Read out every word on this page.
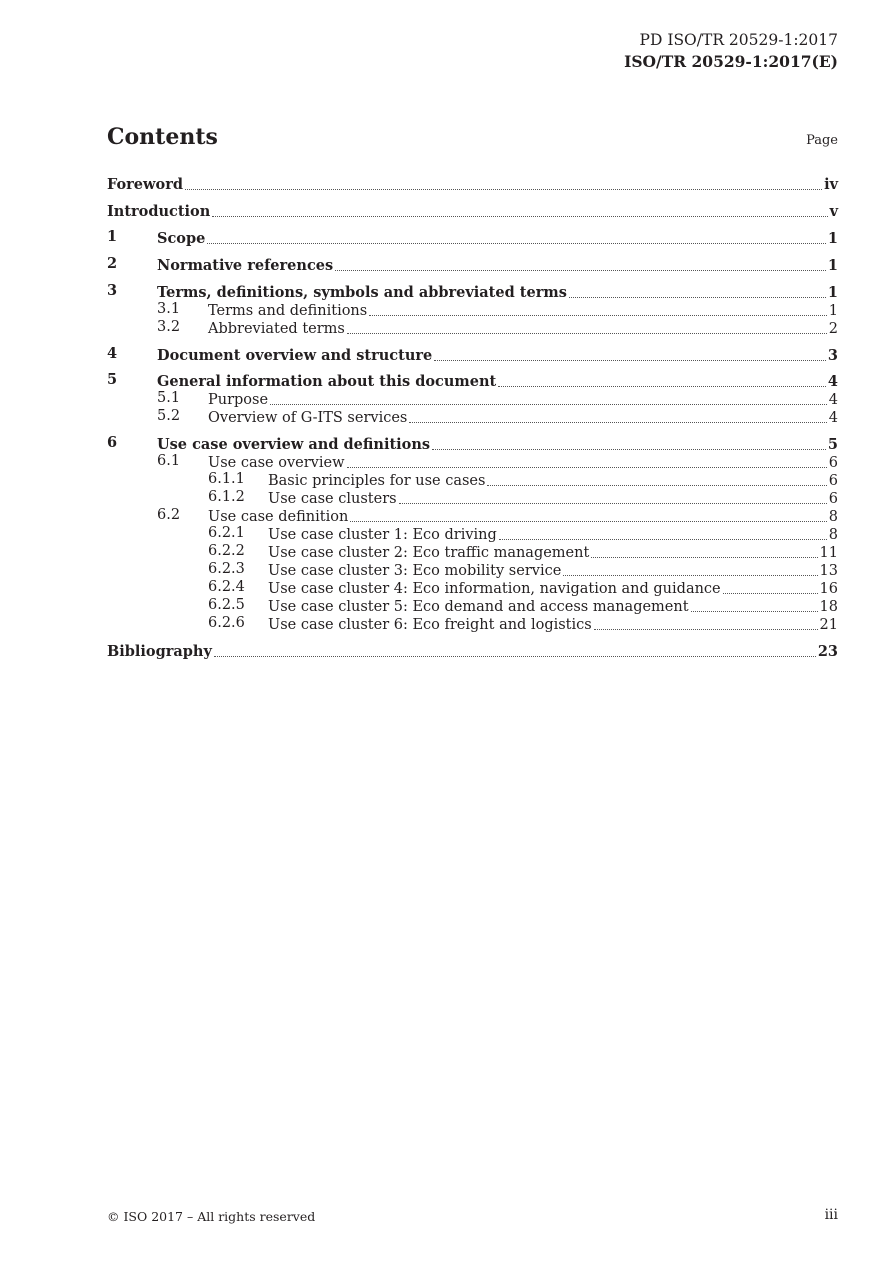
PD ISO/TR 20529-1:2017
ISO/TR 20529-1:2017(E)
Contents	Page
Foreword	iv
Introduction	v
1	Scope	1
2	Normative references	1
3	Terms, definitions, symbols and abbreviated terms	1
3.1 Terms and definitions	1
3.2 Abbreviated terms	2
4	Document overview and structure	3
5	General information about this document	4
5.1 Purpose	4
5.2 Overview of G-ITS services	4
6	Use case overview and definitions	5
6.1 Use case overview	6
6.1.1 Basic principles for use cases	6
6.1.2 Use case clusters	6
6.2 Use case definition	8
6.2.1 Use case cluster 1: Eco driving	8
6.2.2 Use case cluster 2: Eco traffic management	11
6.2.3 Use case cluster 3: Eco mobility service	13
6.2.4 Use case cluster 4: Eco information, navigation and guidance	16
6.2.5 Use case cluster 5: Eco demand and access management	18
6.2.6 Use case cluster 6: Eco freight and logistics	21
Bibliography	23
© ISO 2017 – All rights reserved	iii
